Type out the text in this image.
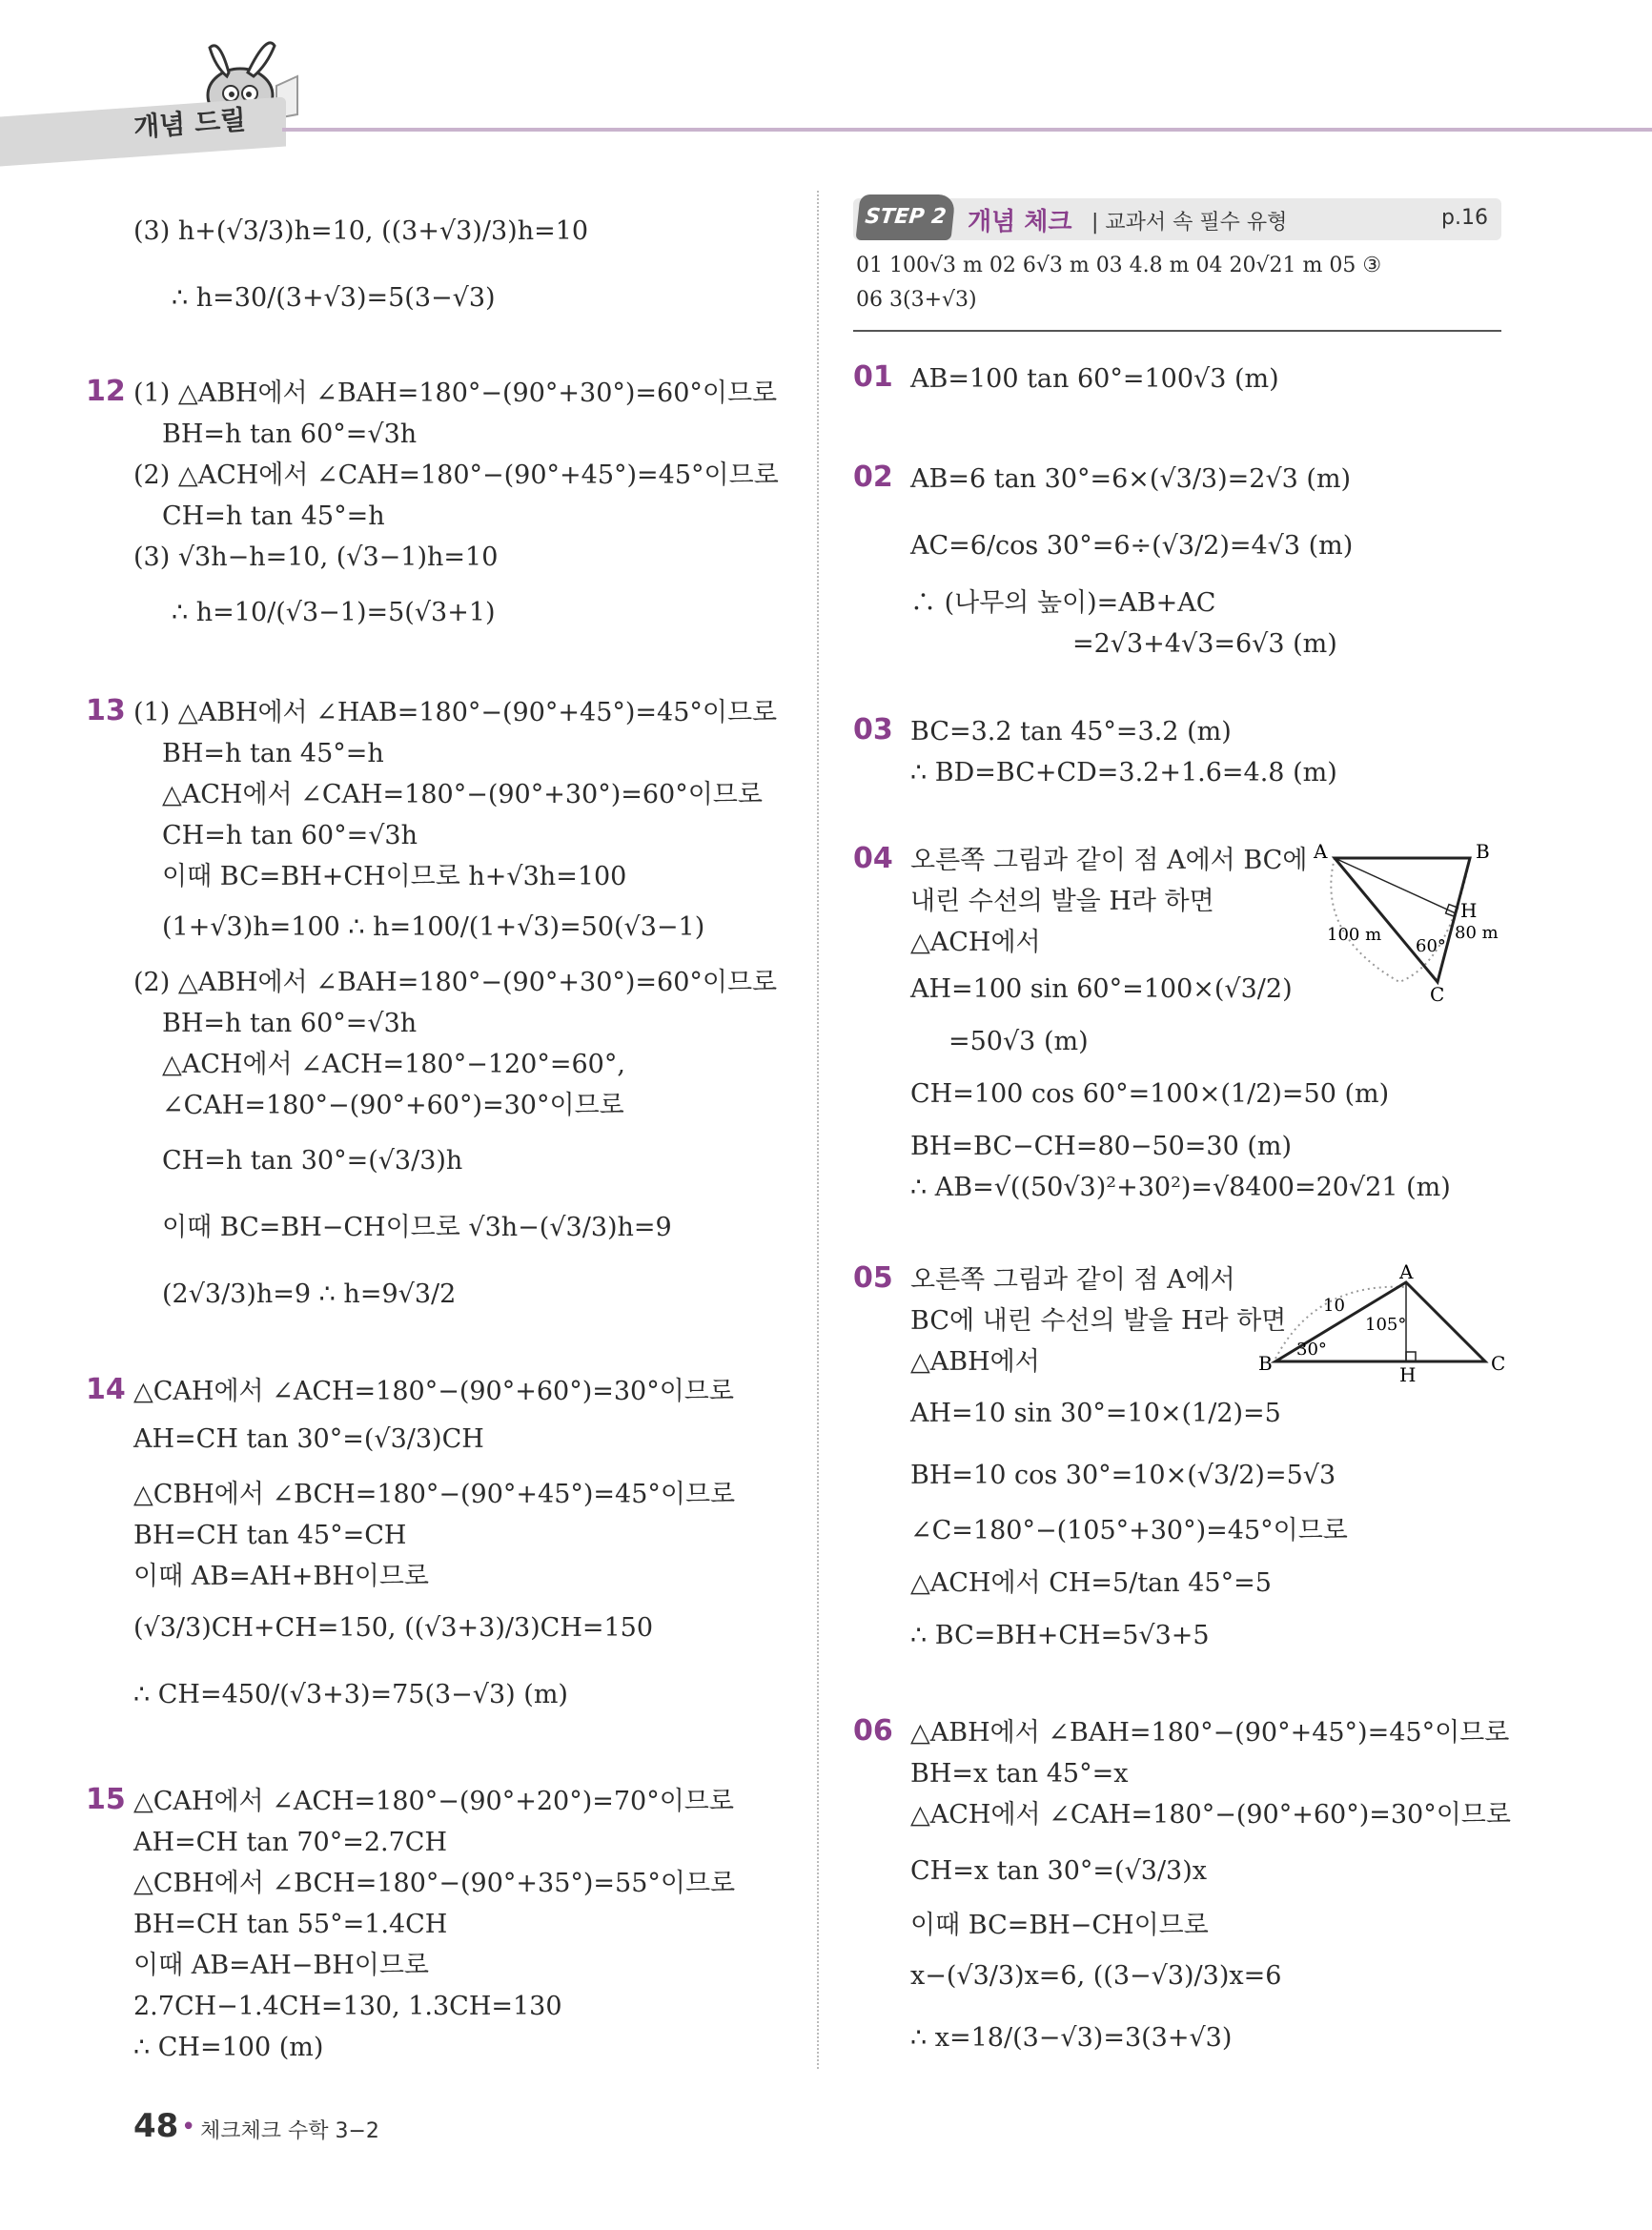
개념 드릴
(3) h+(√3/3)h=10, ((3+√3)/3)h=10
∴ h=30/(3+√3)=5(3−√3)
(1) △ABH에서 ∠BAH=180°−(90°+30°)=60°이므로
BH=h tan 60°=√3h
(2) △ACH에서 ∠CAH=180°−(90°+45°)=45°이므로
CH=h tan 45°=h
(3) √3h−h=10, (√3−1)h=10
∴ h=10/(√3−1)=5(√3+1)
(1) △ABH에서 ∠HAB=180°−(90°+45°)=45°이므로
BH=h tan 45°=h
△ACH에서 ∠CAH=180°−(90°+30°)=60°이므로
CH=h tan 60°=√3h
이때 BC=BH+CH이므로 h+√3h=100
(1+√3)h=100 ∴ h=100/(1+√3)=50(√3−1)
(2) △ABH에서 ∠BAH=180°−(90°+30°)=60°이므로
BH=h tan 60°=√3h
△ACH에서 ∠ACH=180°−120°=60°,
∠CAH=180°−(90°+60°)=30°이므로
CH=h tan 30°=(√3/3)h
이때 BC=BH−CH이므로 √3h−(√3/3)h=9
(2√3/3)h=9 ∴ h=9√3/2
△CAH에서 ∠ACH=180°−(90°+60°)=30°이므로
AH=CH tan 30°=(√3/3)CH
△CBH에서 ∠BCH=180°−(90°+45°)=45°이므로
BH=CH tan 45°=CH
이때 AB=AH+BH이므로
(√3/3)CH+CH=150, ((√3+3)/3)CH=150
∴ CH=450/(√3+3)=75(3−√3) (m)
△CAH에서 ∠ACH=180°−(90°+20°)=70°이므로
AH=CH tan 70°=2.7CH
△CBH에서 ∠BCH=180°−(90°+35°)=55°이므로
BH=CH tan 55°=1.4CH
이때 AB=AH−BH이므로
2.7CH−1.4CH=130, 1.3CH=130
∴ CH=100 (m)
12
13
14
15
STEP 2 개념 체크 | 교과서 속 필수 유형	p.16
01 100√3 m 02 6√3 m 03 4.8 m 04 20√21 m 05 ③
06 3(3+√3)
AB=100 tan 60°=100√3 (m)
AB=6 tan 30°=6×(√3/3)=2√3 (m)
AC=6/cos 30°=6÷(√3/2)=4√3 (m)
∴ (나무의 높이)=AB+AC
=2√3+4√3=6√3 (m)
BC=3.2 tan 45°=3.2 (m)
∴ BD=BC+CD=3.2+1.6=4.8 (m)
오른쪽 그림과 같이 점 A에서 BC에
내린 수선의 발을 H라 하면
△ACH에서
AH=100 sin 60°=100×(√3/2)
=50√3 (m)
CH=100 cos 60°=100×(1/2)=50 (m)
BH=BC−CH=80−50=30 (m)
∴ AB=√((50√3)²+30²)=√8400=20√21 (m)
오른쪽 그림과 같이 점 A에서
BC에 내린 수선의 발을 H라 하면
△ABH에서
AH=10 sin 30°=10×(1/2)=5
BH=10 cos 30°=10×(√3/2)=5√3
∠C=180°−(105°+30°)=45°이므로
△ACH에서 CH=5/tan 45°=5
∴ BC=BH+CH=5√3+5
△ABH에서 ∠BAH=180°−(90°+45°)=45°이므로
BH=x tan 45°=x
△ACH에서 ∠CAH=180°−(90°+60°)=30°이므로
CH=x tan 30°=(√3/3)x
이때 BC=BH−CH이므로
x−(√3/3)x=6, ((3−√3)/3)x=6
∴ x=18/(3−√3)=3(3+√3)
01
02
03
04
05
06
A	B
H
C
100 m	80 m
60°
A
B	H	C
10
30°
105°
48 • 체크체크 수학 3−2
